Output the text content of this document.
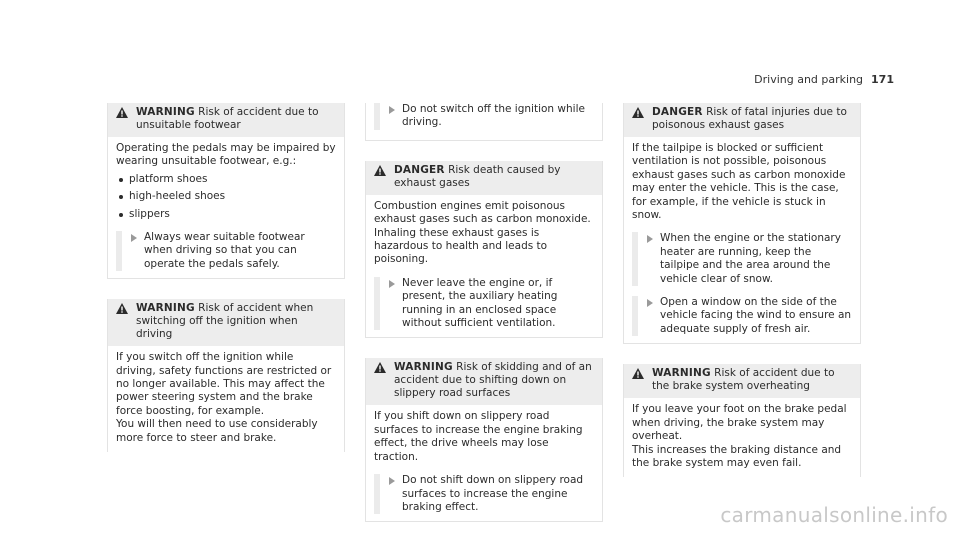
Driving and parking 171
WARNING Risk of accident due to unsuitable footwear

Operating the pedals may be impaired by wearing unsuitable footwear, e.g.:

platform shoes
high-heeled shoes
slippers
Always wear suitable footwear when driving so that you can operate the pedals safely.
WARNING Risk of accident when switching off the ignition when driving

If you switch off the ignition while driving, safety functions are restricted or no longer available. This may affect the power steering system and the brake force boosting, for example.

You will then need to use considerably more force to steer and brake.

Do not switch off the ignition while driving.
DANGER Risk death caused by exhaust gases

Combustion engines emit poisonous exhaust gases such as carbon monoxide. Inhaling these exhaust gases is hazardous to health and leads to poisoning.

Never leave the engine or, if present, the auxiliary heating running in an enclosed space without sufficient ventilation.
WARNING Risk of skidding and of an accident due to shifting down on slippery road surfaces

If you shift down on slippery road surfaces to increase the engine braking effect, the drive wheels may lose traction.

Do not shift down on slippery road surfaces to increase the engine braking effect.
DANGER Risk of fatal injuries due to poisonous exhaust gases

If the tailpipe is blocked or sufficient ventilation is not possible, poisonous exhaust gases such as carbon monoxide may enter the vehicle. This is the case, for example, if the vehicle is stuck in snow.

When the engine or the stationary heater are running, keep the tailpipe and the area around the vehicle clear of snow.
Open a window on the side of the vehicle facing the wind to ensure an adequate supply of fresh air.
WARNING Risk of accident due to the brake system overheating

If you leave your foot on the brake pedal when driving, the brake system may overheat.

This increases the braking distance and the brake system may even fail.

carmanualsonline.info
